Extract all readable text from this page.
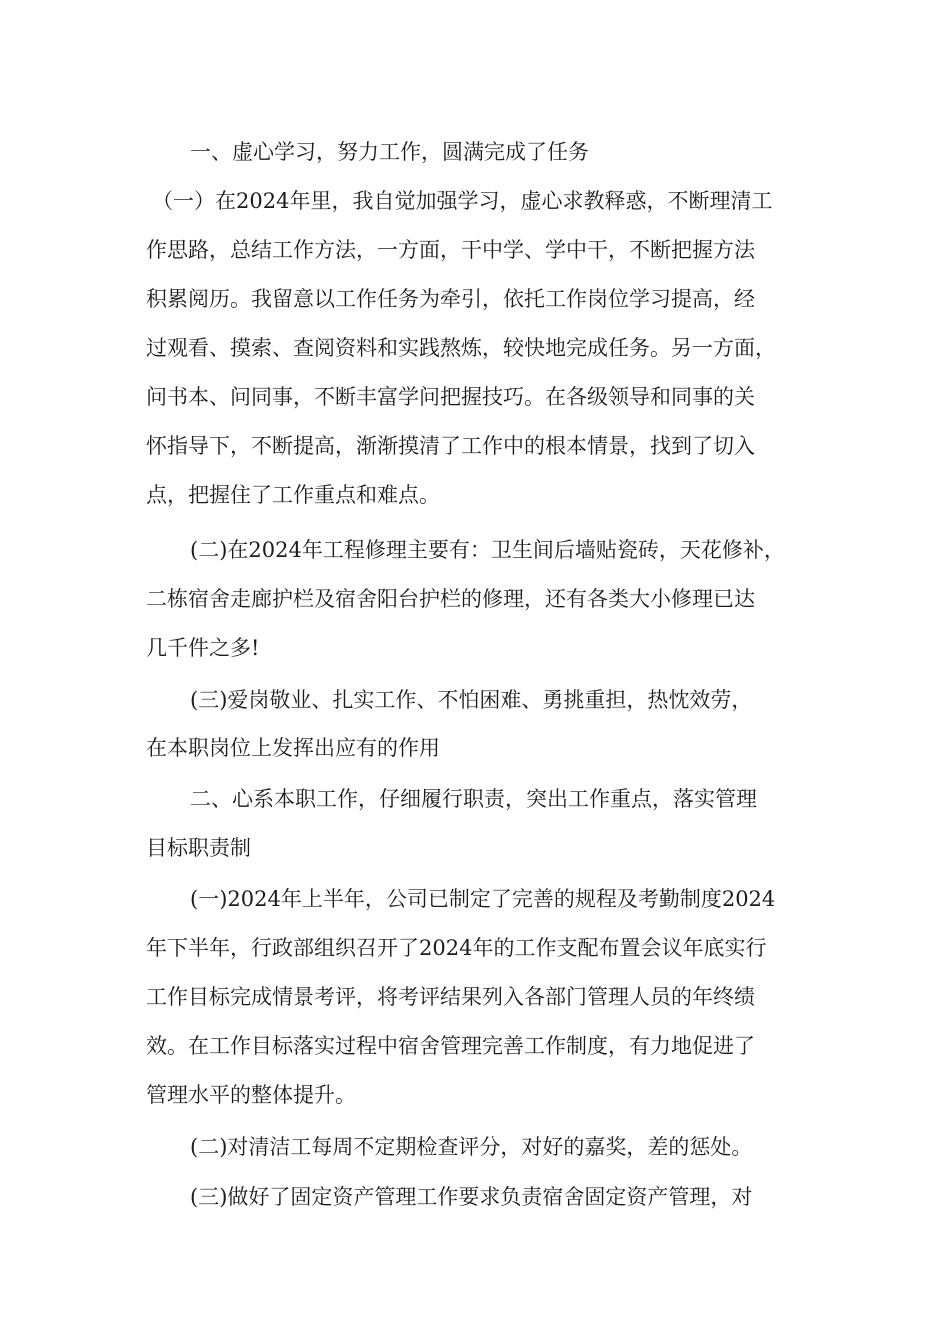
一、虚心学习，努力工作，圆满完成了任务
（一）在2024年里，我自觉加强学习，虚心求教释惑，不断理清工
作思路，总结工作方法，一方面，干中学、学中干，不断把握方法
积累阅历。我留意以工作任务为牵引，依托工作岗位学习提高，经
过观看、摸索、查阅资料和实践熬炼，较快地完成任务。另一方面，
问书本、问同事，不断丰富学问把握技巧。在各级领导和同事的关
怀指导下，不断提高，渐渐摸清了工作中的根本情景，找到了切入
点，把握住了工作重点和难点。
(二)在2024年工程修理主要有：卫生间后墙贴瓷砖，天花修补，
二栋宿舍走廊护栏及宿舍阳台护栏的修理，还有各类大小修理已达
几千件之多!
(三)爱岗敬业、扎实工作、不怕困难、勇挑重担，热忱效劳，
在本职岗位上发挥出应有的作用
二、心系本职工作，仔细履行职责，突出工作重点，落实管理
目标职责制
(一)2024年上半年，公司已制定了完善的规程及考勤制度2024
年下半年，行政部组织召开了2024年的工作支配布置会议年底实行
工作目标完成情景考评，将考评结果列入各部门管理人员的年终绩
效。在工作目标落实过程中宿舍管理完善工作制度，有力地促进了
管理水平的整体提升。
(二)对清洁工每周不定期检查评分，对好的嘉奖，差的惩处。
(三)做好了固定资产管理工作要求负责宿舍固定资产管理，对
